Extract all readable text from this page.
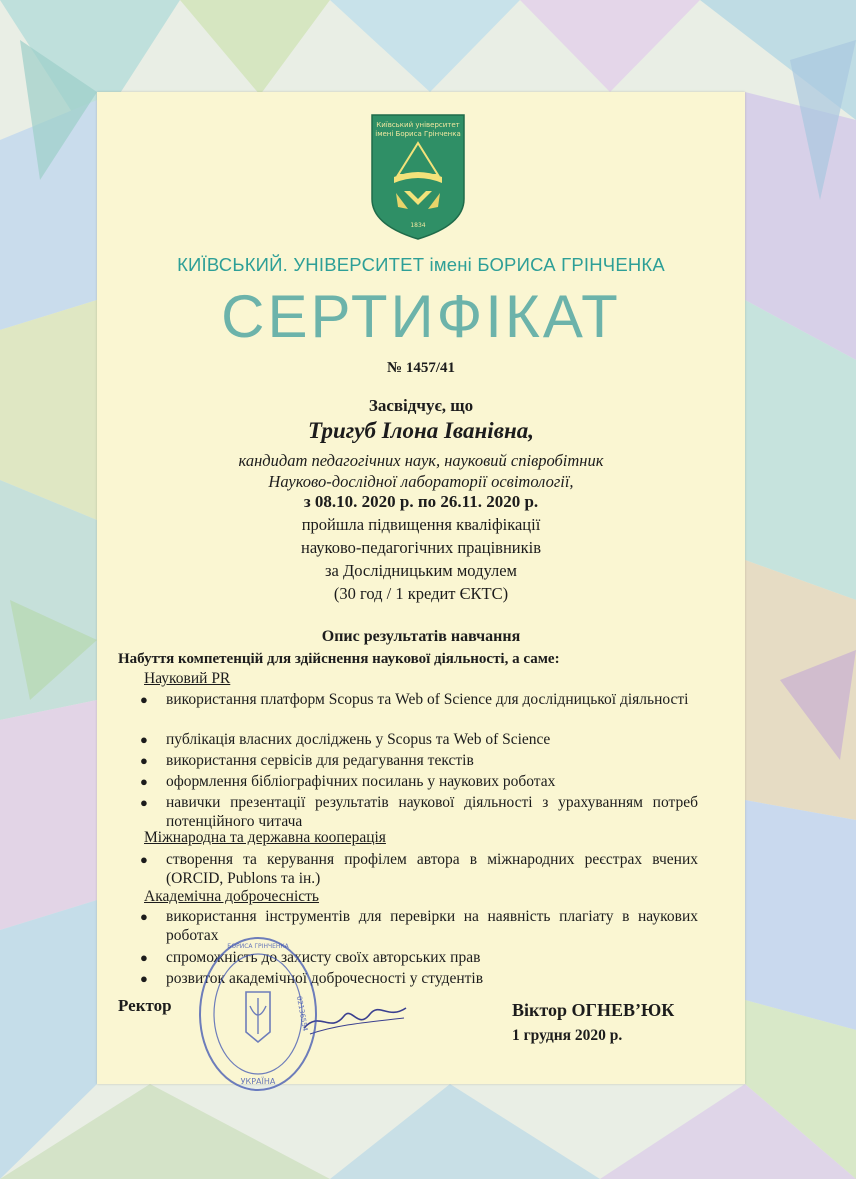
Київський університет
імені Бориса Грінченка
1834
КИЇВСЬКИЙ. УНІВЕРСИТЕТ імені БОРИСА ГРІНЧЕНКА
СЕРТИФІКАТ
№ 1457/41
Засвідчує, що
Тригуб Ілона Іванівна,
кандидат педагогічних наук, науковий співробітник
Науково-дослідної лабораторії освітології,
з 08.10. 2020 р. по 26.11. 2020 р.
пройшла підвищення кваліфікації
науково-педагогічних працівників
за Дослідницьким модулем
(30 год / 1 кредит ЄКТС)
Опис результатів навчання
Набуття компетенцій для здійснення наукової діяльності, а саме:
Науковий PR
● використання платформ Scopus та Web of Science для дослідницької діяльності
● публікація власних досліджень у Scopus та Web of Science
● використання сервісів для редагування текстів
● оформлення бібліографічних посилань у наукових роботах
● навички презентації результатів наукової діяльності з урахуванням потреб потенційного читача
Міжнародна та державна кооперація
● створення та керування профілем автора в міжнародних реєстрах вчених (ORCID, Publons та ін.)
Академічна доброчесність
● використання інструментів для перевірки на наявність плагіату в наукових роботах
● спроможність до захисту своїх авторських прав
● розвиток академічної доброчесності у студентів
Ректор	Віктор ОГНЕВ’ЮК
1 грудня 2020 р.
УКРАЇНА
02136554
БОРИСА ГРІНЧЕНКА
